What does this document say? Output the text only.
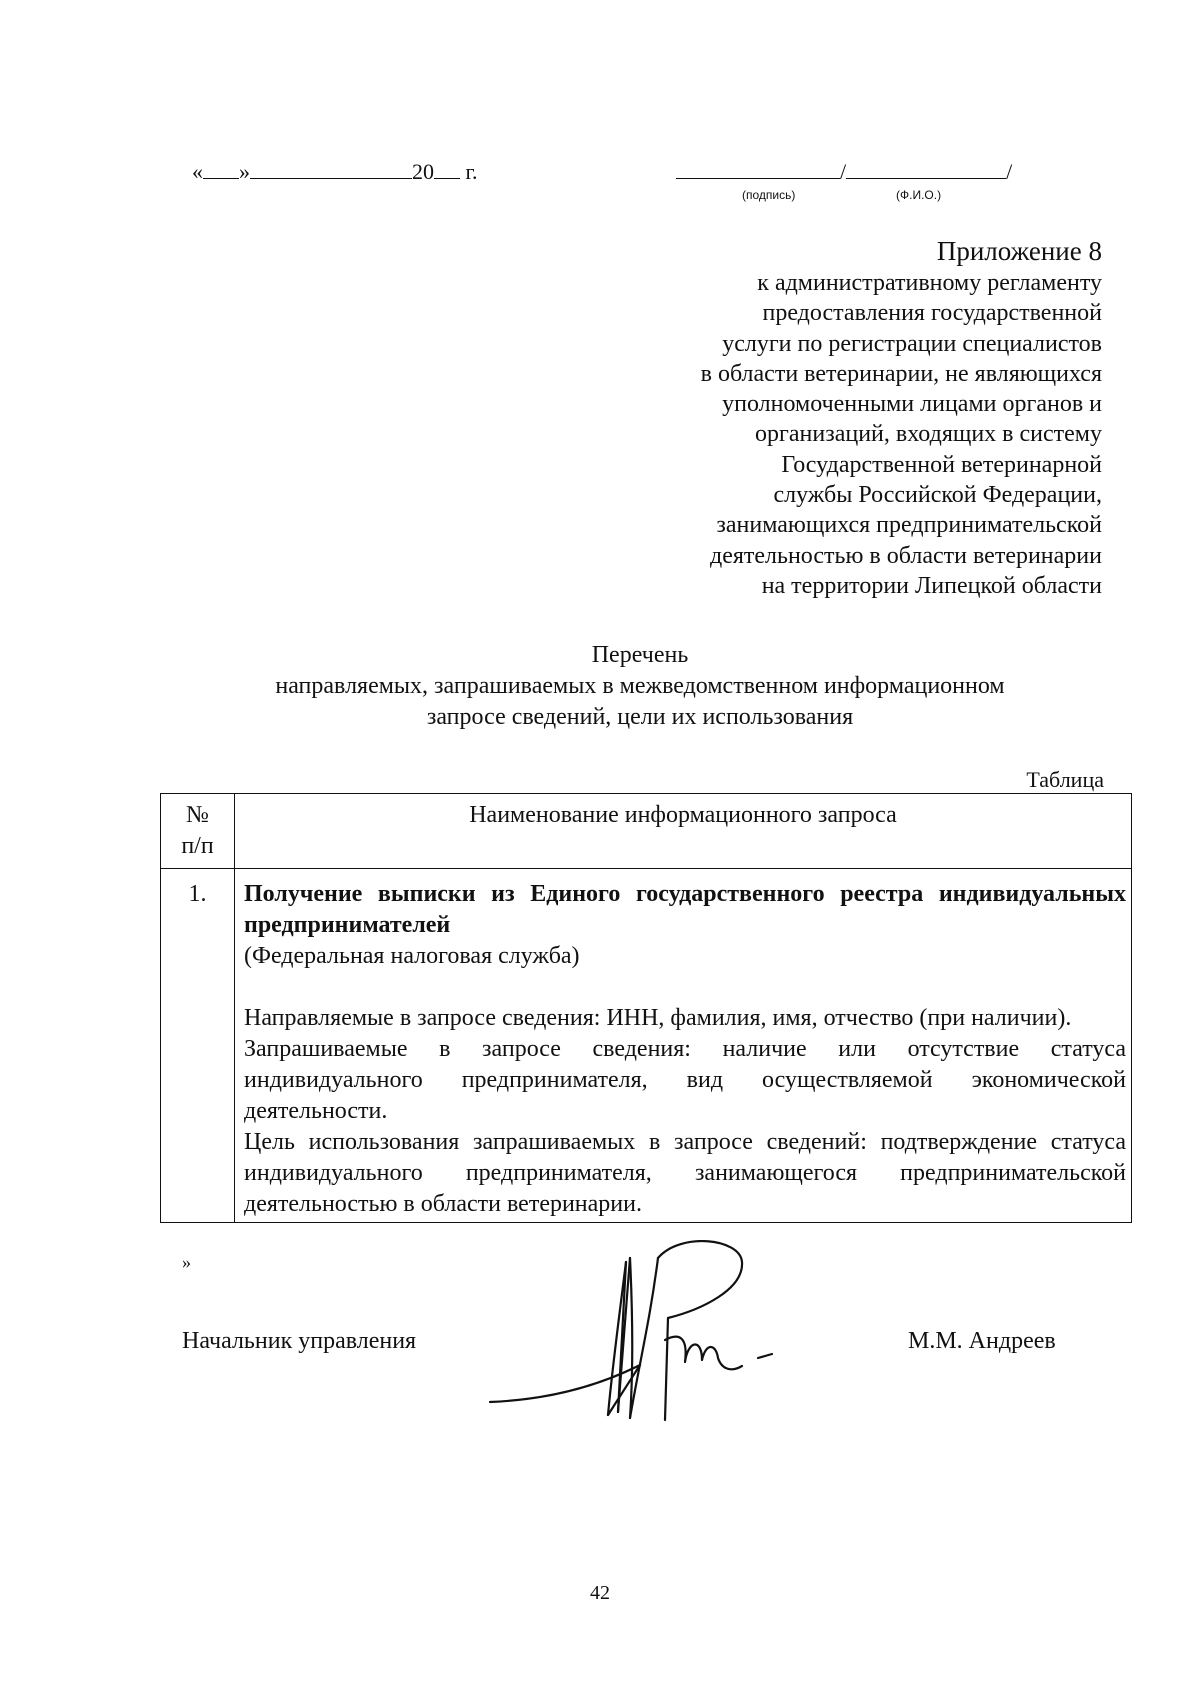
« »	20 г.	/	/
(подпись)	(Ф.И.О.)
Приложение 8
к административному регламенту
предоставления государственной
услуги по регистрации специалистов
в области ветеринарии, не являющихся
уполномоченными лицами органов и
организаций, входящих в систему
Государственной ветеринарной
службы Российской Федерации,
занимающихся предпринимательской
деятельностью в области ветеринарии
на территории Липецкой области
Перечень
направляемых, запрашиваемых в межведомственном информационном
запросе сведений, цели их использования
Таблица
№
п/п	Наименование информационного запроса
1.	Получение выписки из Единого государственного реестра индивидуальных предпринимателей
(Федеральная налоговая служба)
Направляемые в запросе сведения: ИНН, фамилия, имя, отчество (при наличии).
Запрашиваемые в запросе сведения: наличие или отсутствие статуса индивидуального предпринимателя, вид осуществляемой экономической деятельности.
Цель использования запрашиваемых в запросе сведений: подтверждение статуса индивидуального предпринимателя, занимающегося предпринимательской деятельностью в области ветеринарии.
»
Начальник управления	М.М. Андреев
42
